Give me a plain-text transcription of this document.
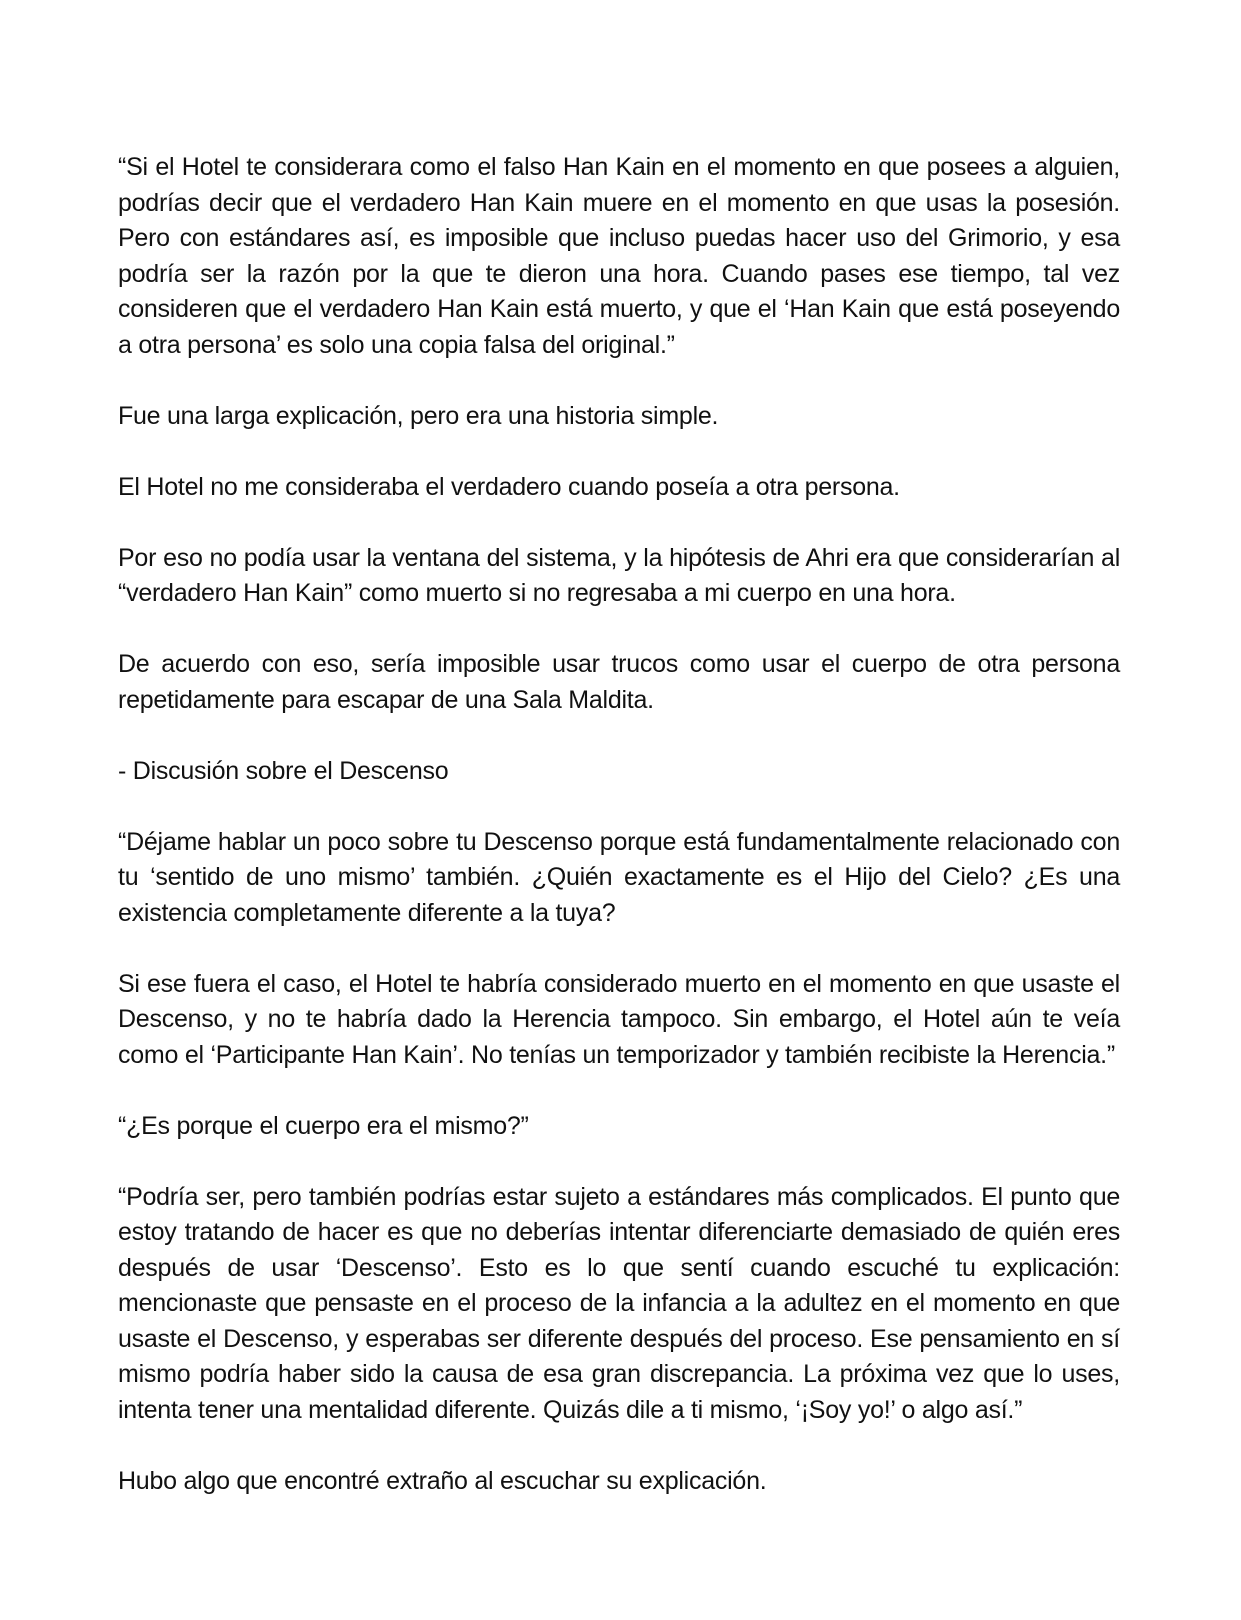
“Si el Hotel te considerara como el falso Han Kain en el momento en que posees a alguien, podrías decir que el verdadero Han Kain muere en el momento en que usas la posesión. Pero con estándares así, es imposible que incluso puedas hacer uso del Grimorio, y esa podría ser la razón por la que te dieron una hora. Cuando pases ese tiempo, tal vez consideren que el verdadero Han Kain está muerto, y que el ‘Han Kain que está poseyendo a otra persona’ es solo una copia falsa del original.”

Fue una larga explicación, pero era una historia simple.

El Hotel no me consideraba el verdadero cuando poseía a otra persona.

Por eso no podía usar la ventana del sistema, y la hipótesis de Ahri era que considerarían al “verdadero Han Kain” como muerto si no regresaba a mi cuerpo en una hora.

De acuerdo con eso, sería imposible usar trucos como usar el cuerpo de otra persona repetidamente para escapar de una Sala Maldita.

- Discusión sobre el Descenso

“Déjame hablar un poco sobre tu Descenso porque está fundamentalmente relacionado con tu ‘sentido de uno mismo’ también. ¿Quién exactamente es el Hijo del Cielo? ¿Es una existencia completamente diferente a la tuya?

Si ese fuera el caso, el Hotel te habría considerado muerto en el momento en que usaste el Descenso, y no te habría dado la Herencia tampoco. Sin embargo, el Hotel aún te veía como el ‘Participante Han Kain’. No tenías un temporizador y también recibiste la Herencia.”

“¿Es porque el cuerpo era el mismo?”

“Podría ser, pero también podrías estar sujeto a estándares más complicados. El punto que estoy tratando de hacer es que no deberías intentar diferenciarte demasiado de quién eres después de usar ‘Descenso’. Esto es lo que sentí cuando escuché tu explicación: mencionaste que pensaste en el proceso de la infancia a la adultez en el momento en que usaste el Descenso, y esperabas ser diferente después del proceso. Ese pensamiento en sí mismo podría haber sido la causa de esa gran discrepancia. La próxima vez que lo uses, intenta tener una mentalidad diferente. Quizás dile a ti mismo, ‘¡Soy yo!’ o algo así.”

Hubo algo que encontré extraño al escuchar su explicación.
